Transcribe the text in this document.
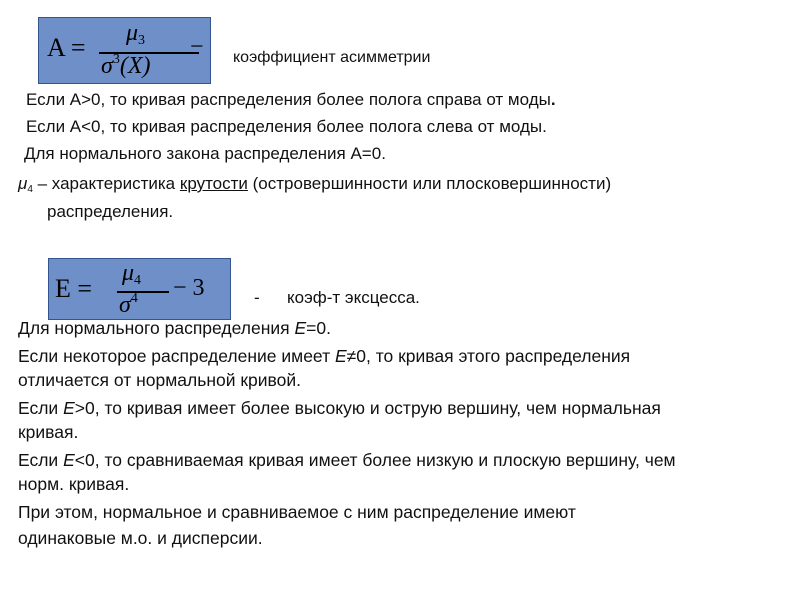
A = μ3
$\sigma^3(X)$
− коэффициент асимметрии
Если A>0, то кривая распределения более полога справа от моды.
Если A<0, то кривая распределения более полога слева от моды.
Для нормального закона распределения A=0.
$\mu_4$ – характеристика крутости (островершинности или плосковершинности)
распределения.
E =
μ4
$\sigma^4 - 3$	- коэф-т эксцесса.
Для нормального распределения E=0.
Если некоторое распределение имеет E≠0, то кривая этого распределения
отличается от нормальной кривой.
Если E>0, то кривая имеет более высокую и острую вершину, чем нормальная
кривая.
Если E<0, то сравниваемая кривая имеет более низкую и плоскую вершину, чем
норм. кривая.
При этом, нормальное и сравниваемое с ним распределение имеют
одинаковые м.о. и дисперсии.
